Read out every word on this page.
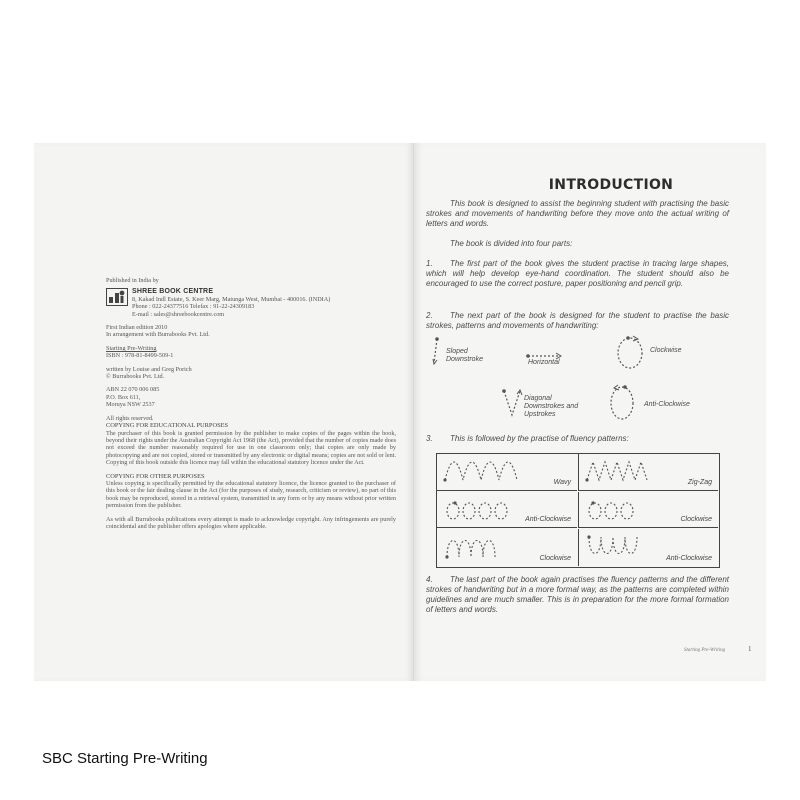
Published in India by

SHREE BOOK CENTRE

8, Kakad Indl Estate, S. Keer Marg, Matunga West, Mumbai - 400016. (INDIA)

Phone : 022-24377516 Telefax : 91-22-24309183

E-mail : sales@shreebookcentre.com

First Indian edition 2010

In arrangement with Burrabooks Pvt. Ltd.

Starting Pre-Writing

ISBN : 978-81-8499-509-1

written by Louise and Greg Porich

© Burrabooks Pvt. Ltd.

ABN 22 070 006 085

P.O. Box 611,

Moruya NSW 2537

All rights reserved.

COPYING FOR EDUCATIONAL PURPOSES

The purchaser of this book is granted permission by the publisher to make copies of the pages within the book, beyond their rights under the Australian Copyright Act 1968 (the Act), provided that the number of copies made does not exceed the number reasonably required for use in one classroom only; that copies are only made by photocopying and are not copied, stored or transmitted by any electronic or digital means; copies are not sold or lent. Copying of this book outside this licence may fall within the educational statutory licence under the Act.

COPYING FOR OTHER PURPOSES

Unless copying is specifically permitted by the educational statutory licence, the licence granted to the purchaser of this book or the fair dealing clause in the Act (for the purposes of study, research, criticism or review), no part of this book may be reproduced, stored in a retrieval system, transmitted in any form or by any means without prior written permission from the publisher.

As with all Burrabooks publications every attempt is made to acknowledge copyright. Any infringements are purely coincidental and the publisher offers apologies where applicable.

INTRODUCTION

This book is designed to assist the beginning student with practising the basic strokes and movements of handwriting before they move onto the actual writing of letters and words.

The book is divided into four parts:

1. The first part of the book gives the student practise in tracing large shapes, which will help develop eye-hand coordination. The student should also be encouraged to use the correct posture, paper positioning and pencil grip.

2. The next part of the book is designed for the student to practise the basic strokes, patterns and movements of handwriting:

Sloped Downstroke	Horizontal
Clockwise
Diagonal Downstrokes and Upstrokes
Anti-Clockwise

3. This is followed by the practise of fluency patterns:

Wavy	Zig-Zag
Anti-Clockwise	Clockwise
Clockwise	Anti-Clockwise

4. The last part of the book again practises the fluency patterns and the different strokes of handwriting but in a more formal way, as the patterns are completed within guidelines and are much smaller. This is in preparation for the more formal formation of letters and words.

Starting Pre-Writing	1
SBC Starting Pre-Writing
